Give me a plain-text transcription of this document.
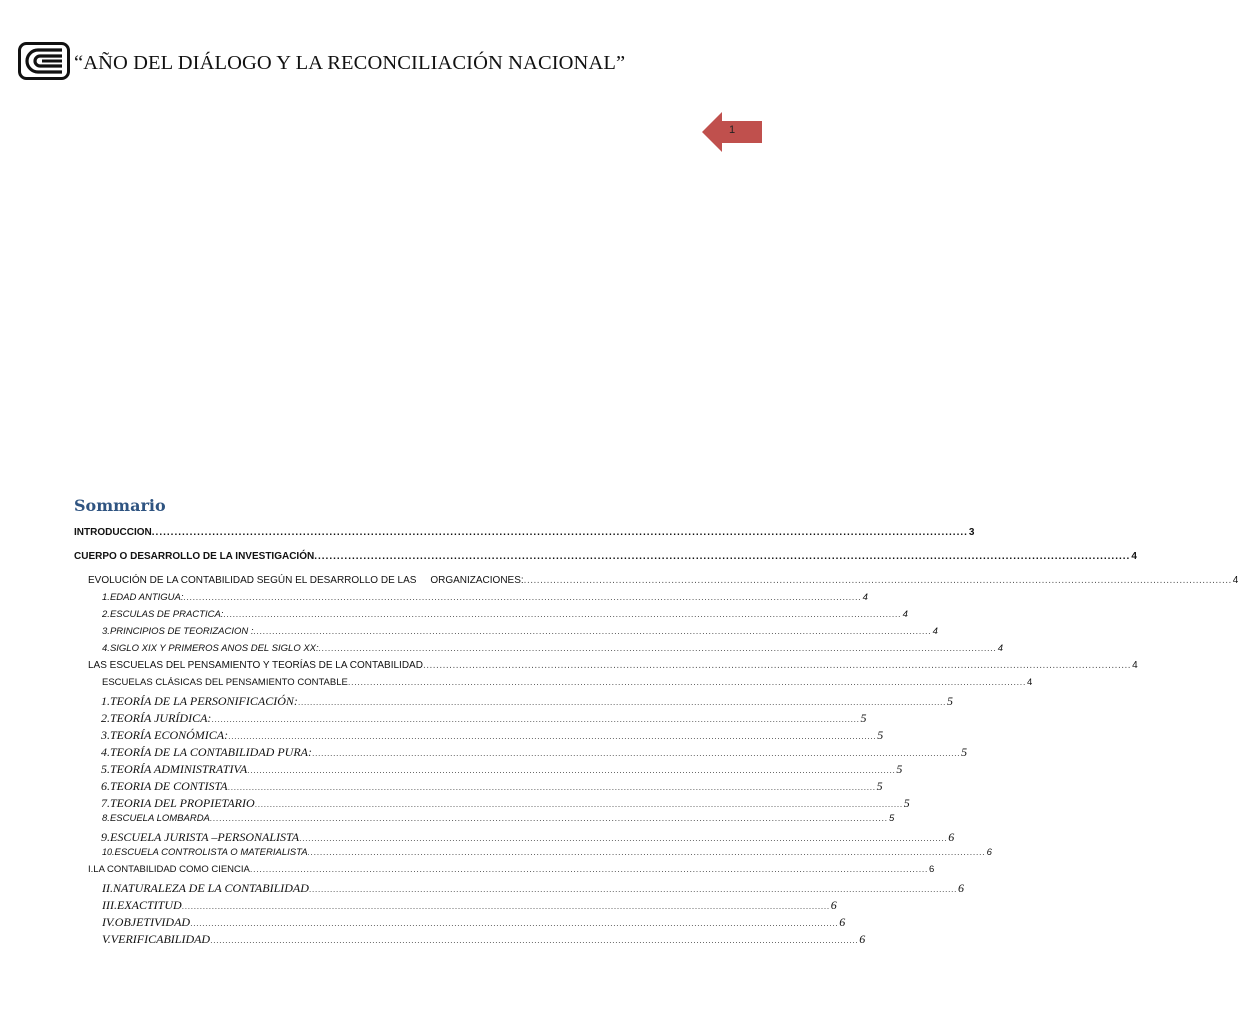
“AÑO DEL DIÁLOGO Y LA RECONCILIACIÓN NACIONAL”
1
Sommario
INTRODUCCION ........................................................................................................................................................................................................................ 3
CUERPO O DESARROLLO DE LA INVESTIGACIÓN ........................................................................................................................................................................................................................ 4
EVOLUCIÓN DE LA CONTABILIDAD SEGÚN EL DESARROLLO DE LAS     ORGANIZACIONES: ........................................................................................................................................................................................................................ 4
1. EDAD ANTIGUA: ........................................................................................................................................................................................................................ 4
2. ESCULAS DE PRACTICA: ........................................................................................................................................................................................................................ 4
3. PRINCIPIOS DE TEORIZACION : ........................................................................................................................................................................................................................ 4
4. SIGLO XIX Y PRIMEROS ANOS DEL SIGLO XX: ........................................................................................................................................................................................................................ 4
LAS ESCUELAS DEL PENSAMIENTO Y TEORÍAS DE LA CONTABILIDAD ........................................................................................................................................................................................................................ 4
ESCUELAS CLÁSICAS DEL PENSAMIENTO CONTABLE ........................................................................................................................................................................................................................ 4
1. TEORÍA DE LA PERSONIFICACIÓN: ........................................................................................................................................................................................................................ 5
2. TEORÍA JURÍDICA: ........................................................................................................................................................................................................................ 5
3. TEORÍA ECONÓMICA: ........................................................................................................................................................................................................................ 5
4. TEORÍA DE LA CONTABILIDAD PURA: ........................................................................................................................................................................................................................ 5
5. TEORÍA ADMINISTRATIVA ........................................................................................................................................................................................................................ 5
6. TEORIA DE CONTISTA ........................................................................................................................................................................................................................ 5
7. TEORIA DEL PROPIETARIO ........................................................................................................................................................................................................................ 5
8. ESCUELA LOMBARDA ........................................................................................................................................................................................................................ 5
9. ESCUELA JURISTA –PERSONALISTA ........................................................................................................................................................................................................................ 6
10. ESCUELA CONTROLISTA O MATERIALISTA ........................................................................................................................................................................................................................ 6
I. LA CONTABILIDAD COMO CIENCIA ........................................................................................................................................................................................................................ 6
II. NATURALEZA DE LA CONTABILIDAD ........................................................................................................................................................................................................................ 6
III. EXACTITUD ........................................................................................................................................................................................................................ 6
IV. OBJETIVIDAD ........................................................................................................................................................................................................................ 6
V. VERIFICABILIDAD ........................................................................................................................................................................................................................ 6
